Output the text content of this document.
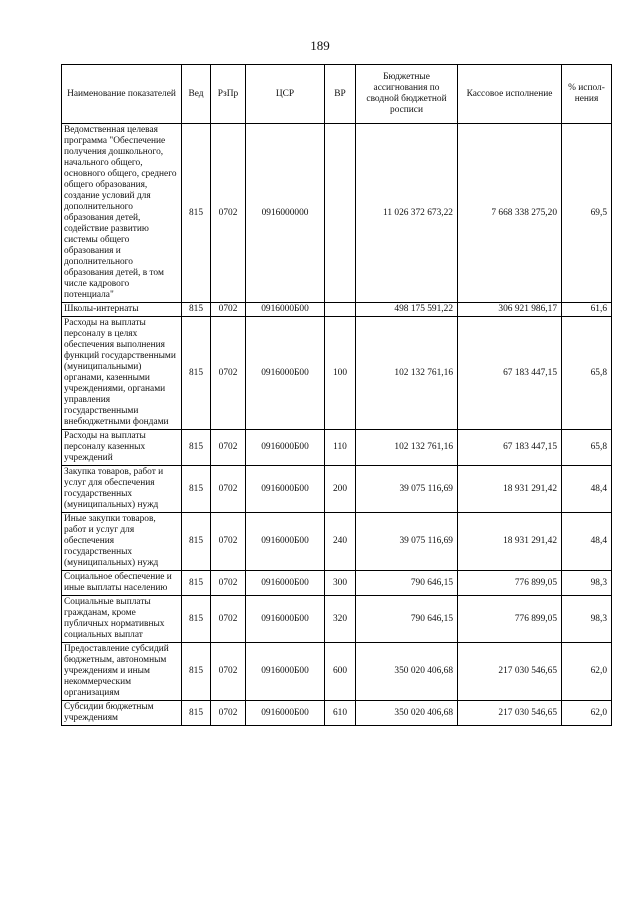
189
Наименование показателей	Вед	РзПр	ЦСР	ВР	Бюджетные ассигнования по сводной бюджетной росписи	Кассовое исполнение	% испол-нения
Ведомственная целевая программа "Обеспечение получения дошкольного, начального общего, основного общего, среднего общего образования, создание условий для дополнительного образования детей, содействие развитию системы общего образования и дополнительного образования детей, в том числе кадрового потенциала"	815	0702	0916000000		11 026 372 673,22	7 668 338 275,20	69,5
Школы-интернаты	815	0702	0916000Б00		498 175 591,22	306 921 986,17	61,6
Расходы на выплаты персоналу в целях обеспечения выполнения функций государственными (муниципальными) органами, казенными учреждениями, органами управления государственными внебюджетными фондами	815	0702	0916000Б00	100	102 132 761,16	67 183 447,15	65,8
Расходы на выплаты персоналу казенных учреждений	815	0702	0916000Б00	110	102 132 761,16	67 183 447,15	65,8
Закупка товаров, работ и услуг для обеспечения государственных (муниципальных) нужд	815	0702	0916000Б00	200	39 075 116,69	18 931 291,42	48,4
Иные закупки товаров, работ и услуг для обеспечения государственных (муниципальных) нужд	815	0702	0916000Б00	240	39 075 116,69	18 931 291,42	48,4
Социальное обеспечение и иные выплаты населению	815	0702	0916000Б00	300	790 646,15	776 899,05	98,3
Социальные выплаты гражданам, кроме публичных нормативных социальных выплат	815	0702	0916000Б00	320	790 646,15	776 899,05	98,3
Предоставление субсидий бюджетным, автономным учреждениям и иным некоммерческим организациям	815	0702	0916000Б00	600	350 020 406,68	217 030 546,65	62,0
Субсидии бюджетным учреждениям	815	0702	0916000Б00	610	350 020 406,68	217 030 546,65	62,0
